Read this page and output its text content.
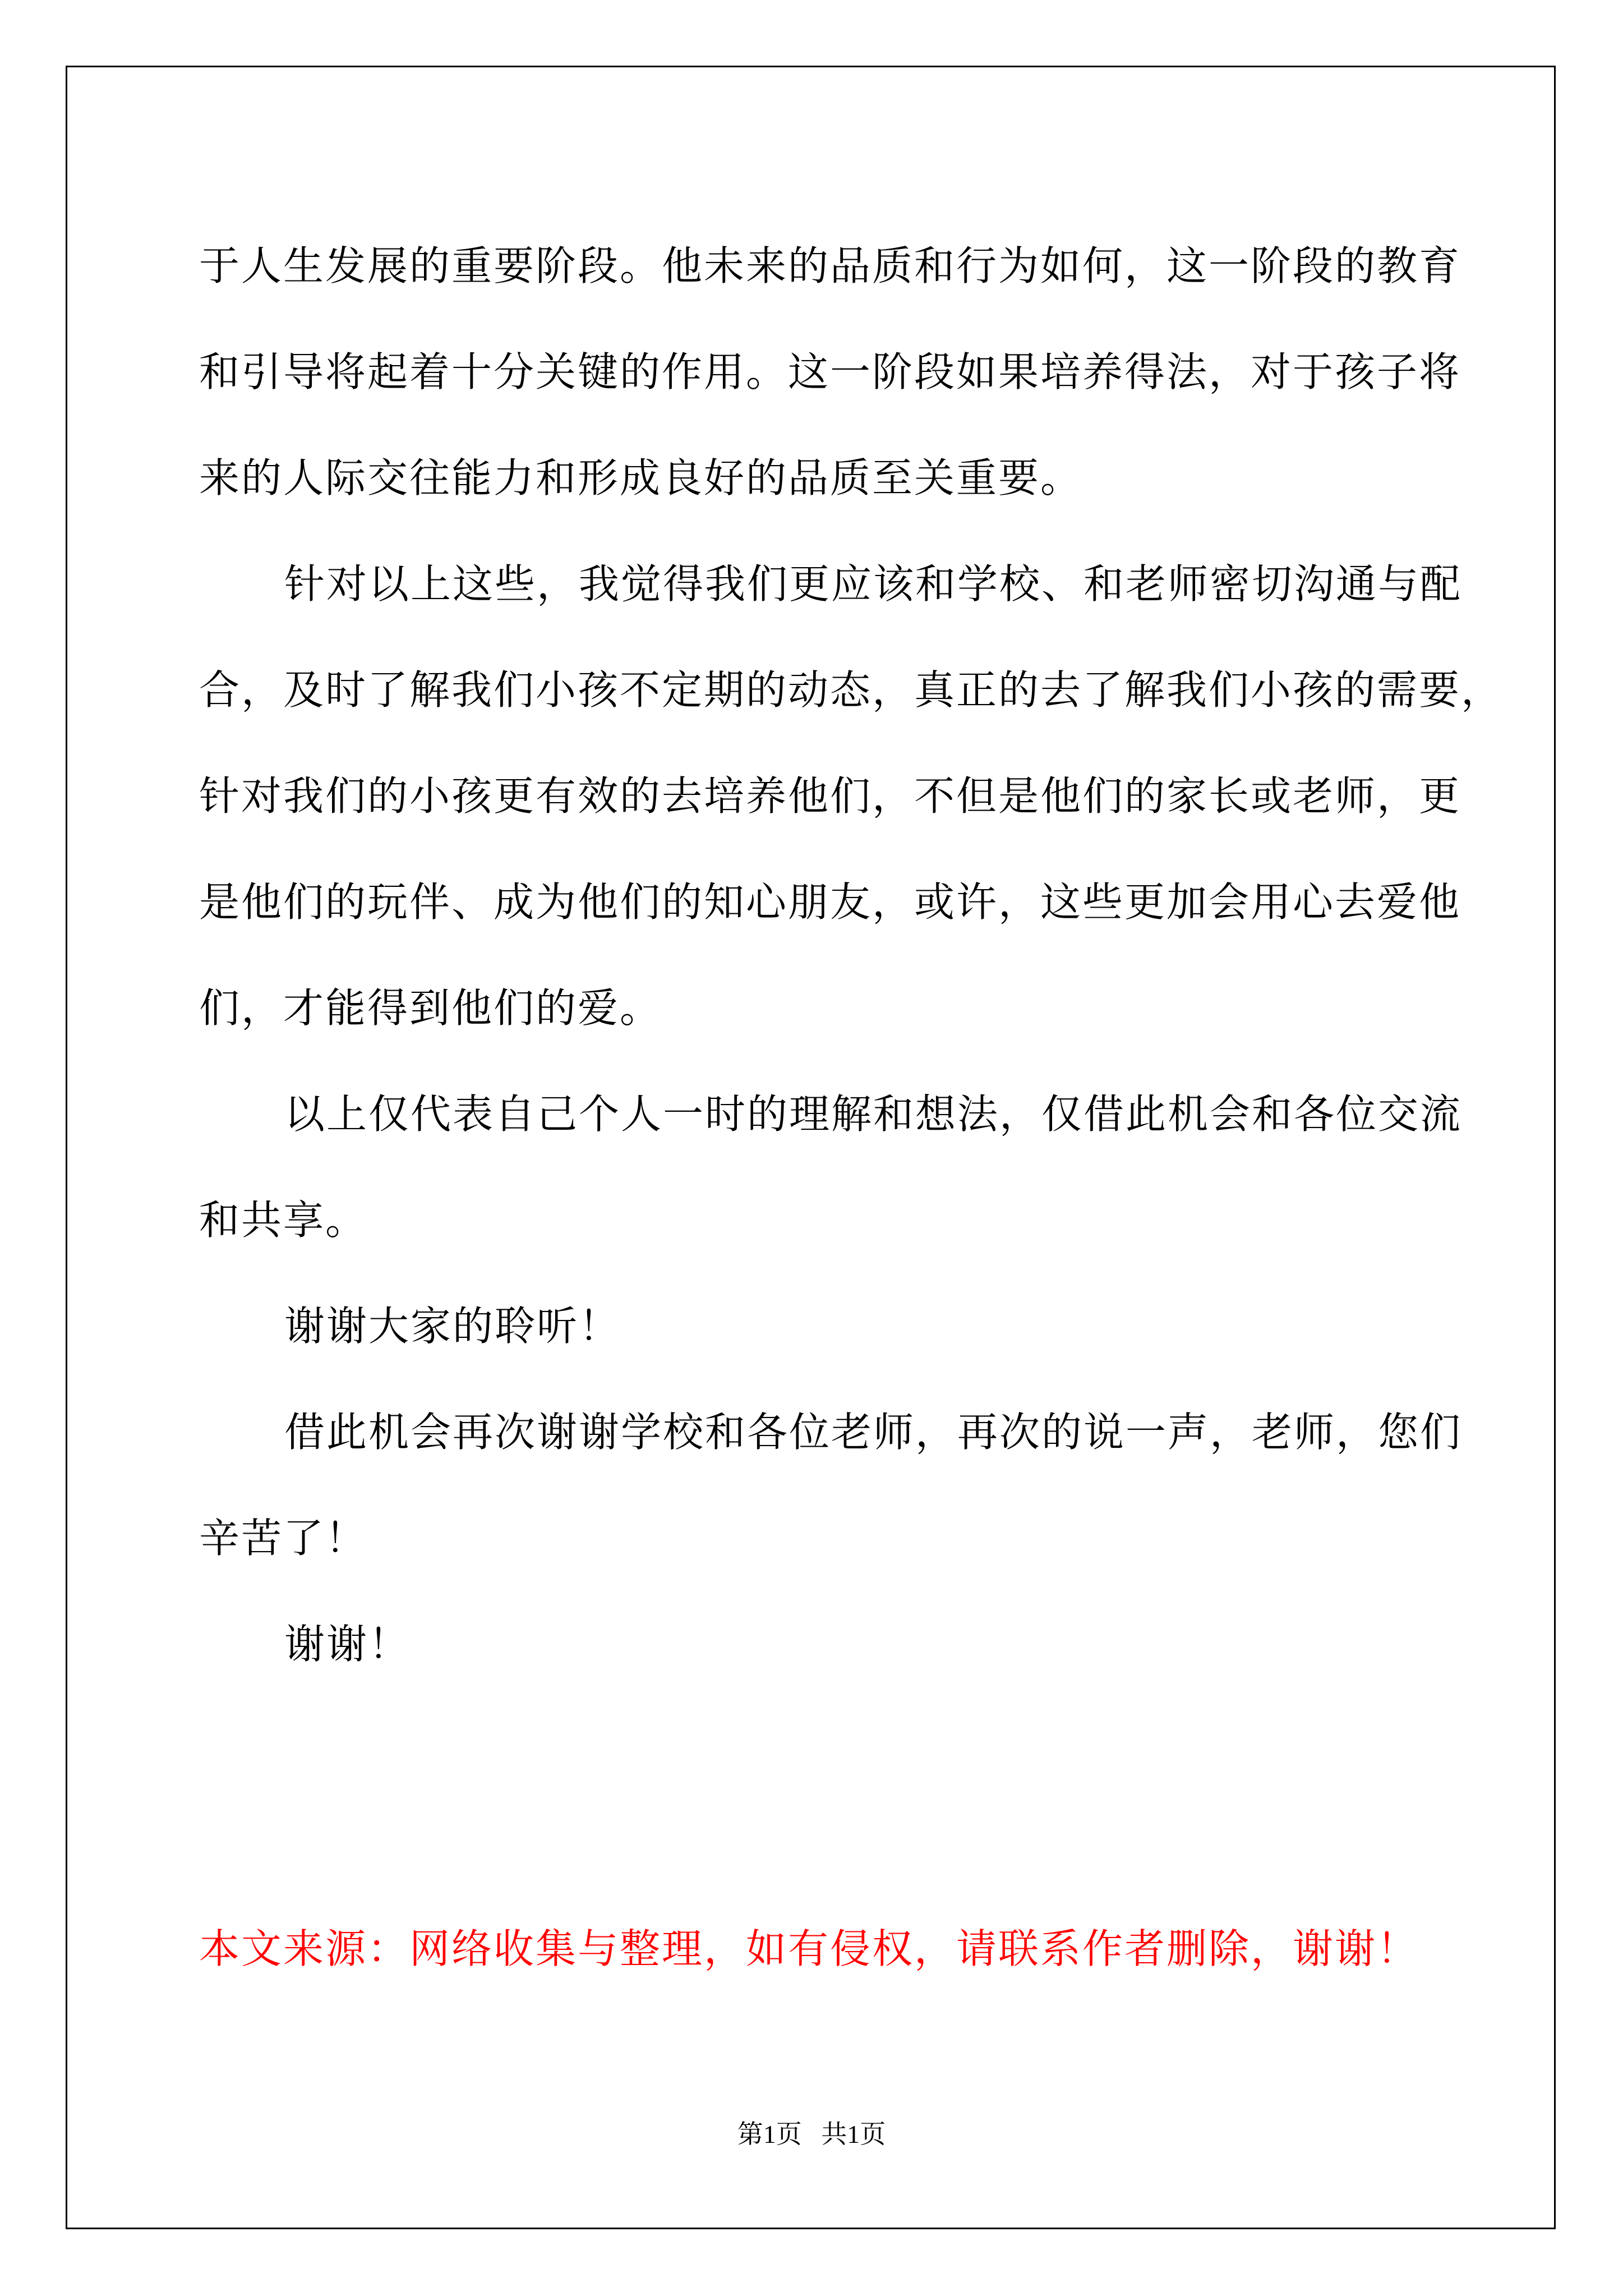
于人生发展的重要阶段。他未来的品质和行为如何，这一阶段的教育
和引导将起着十分关键的作用。这一阶段如果培养得法，对于孩子将
来的人际交往能力和形成良好的品质至关重要。
针对以上这些，我觉得我们更应该和学校、和老师密切沟通与配
合，及时了解我们小孩不定期的动态，真正的去了解我们小孩的需要，
针对我们的小孩更有效的去培养他们，不但是他们的家长或老师，更
是他们的玩伴、成为他们的知心朋友，或许，这些更加会用心去爱他
们，才能得到他们的爱。
以上仅代表自己个人一时的理解和想法，仅借此机会和各位交流
和共享。
谢谢大家的聆听！
借此机会再次谢谢学校和各位老师，再次的说一声，老师，您们
辛苦了！
谢谢！
本文来源：网络收集与整理，如有侵权，请联系作者删除，谢谢！
第1页   共1页
